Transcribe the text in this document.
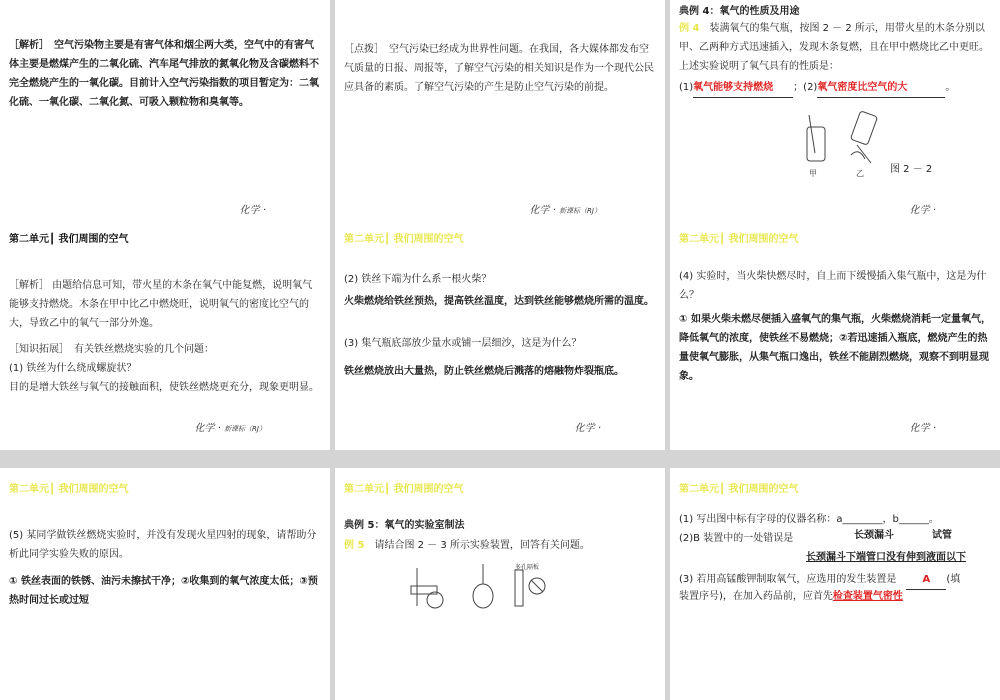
［解析］　空气污染物主要是有害气体和烟尘两大类，空气中的有害气体主要是燃煤产生的二氧化硫、汽车尾气排放的氮氧化物及含碳燃料不完全燃烧产生的一氧化碳。目前计入空气污染指数的项目暂定为：二氧化硫、一氧化碳、二氧化氮、可吸入颗粒物和臭氧等。
化学 ·
［点拨］　空气污染已经成为世界性问题。在我国，各大媒体都发布空气质量的日报、周报等，了解空气污染的相关知识是作为一个现代公民应具备的素质。了解空气污染的产生是防止空气污染的前提。
化学 · 新课标（RJ）
典例 4：氧气的性质及用途
例 4　 装满氧气的集气瓶，按图 2 － 2 所示，用带火星的木条分别以甲、乙两种方式迅速插入，发现木条复燃，且在甲中燃烧比乙中更旺。上述实验说明了氧气具有的性质是：
(1)氧气能够支持燃烧 ；(2)氧气密度比空气的大	。
甲	乙	图 2 － 2
化学 ·
第二单元┃ 我们周围的空气
［解析］ 由题给信息可知，带火星的木条在氧气中能复燃，说明氧气能够支持燃烧。木条在甲中比乙中燃烧旺，说明氧气的密度比空气的大，导致乙中的氧气一部分外逸。
［知识拓展］　有关铁丝燃烧实验的几个问题：
(1) 铁丝为什么绕成螺旋状？
目的是增大铁丝与氧气的接触面积，使铁丝燃烧更充分，现象更明显。
化学 · 新课标（RJ）
第二单元┃ 我们周围的空气
(2) 铁丝下端为什么系一根火柴？
火柴燃烧给铁丝预热，提高铁丝温度，达到铁丝能够燃烧所需的温度。
(3) 集气瓶底部放少量水或铺一层细沙，这是为什么？
铁丝燃烧放出大量热，防止铁丝燃烧后溅落的熔融物炸裂瓶底。
化学 ·
第二单元┃ 我们周围的空气
(4) 实验时，当火柴快燃尽时，自上而下缓慢插入集气瓶中，这是为什么？
① 如果火柴未燃尽便插入盛氧气的集气瓶，火柴燃烧消耗一定量氧气，降低氧气的浓度，使铁丝不易燃烧；②若迅速插入瓶底，燃烧产生的热量使氧气膨胀，从集气瓶口逸出，铁丝不能剧烈燃烧，观察不到明显现象。
化学 ·
第二单元┃ 我们周围的空气
(5) 某同学做铁丝燃烧实验时，并没有发现火星四射的现象，请帮助分析此同学实验失败的原因。
① 铁丝表面的铁锈、油污未擦拭干净；②收集到的氧气浓度太低；③预热时间过长或过短
第二单元┃ 我们周围的空气
典例 5：氧气的实验室制法
例 5　 请结合图 2 － 3 所示实验装置，回答有关问题。
多孔隔板
第二单元┃ 我们周围的空气
(1) 写出图中标有字母的仪器名称：a________，b______。
长颈漏斗	试管
(2)B 装置中的一处错误是
长颈漏斗下端管口没有伸到液面以下
(3) 若用高锰酸钾制取氧气，应选用的发生装置是　	A (填
装置序号)，在加入药品前，应首先检查装置气密性
